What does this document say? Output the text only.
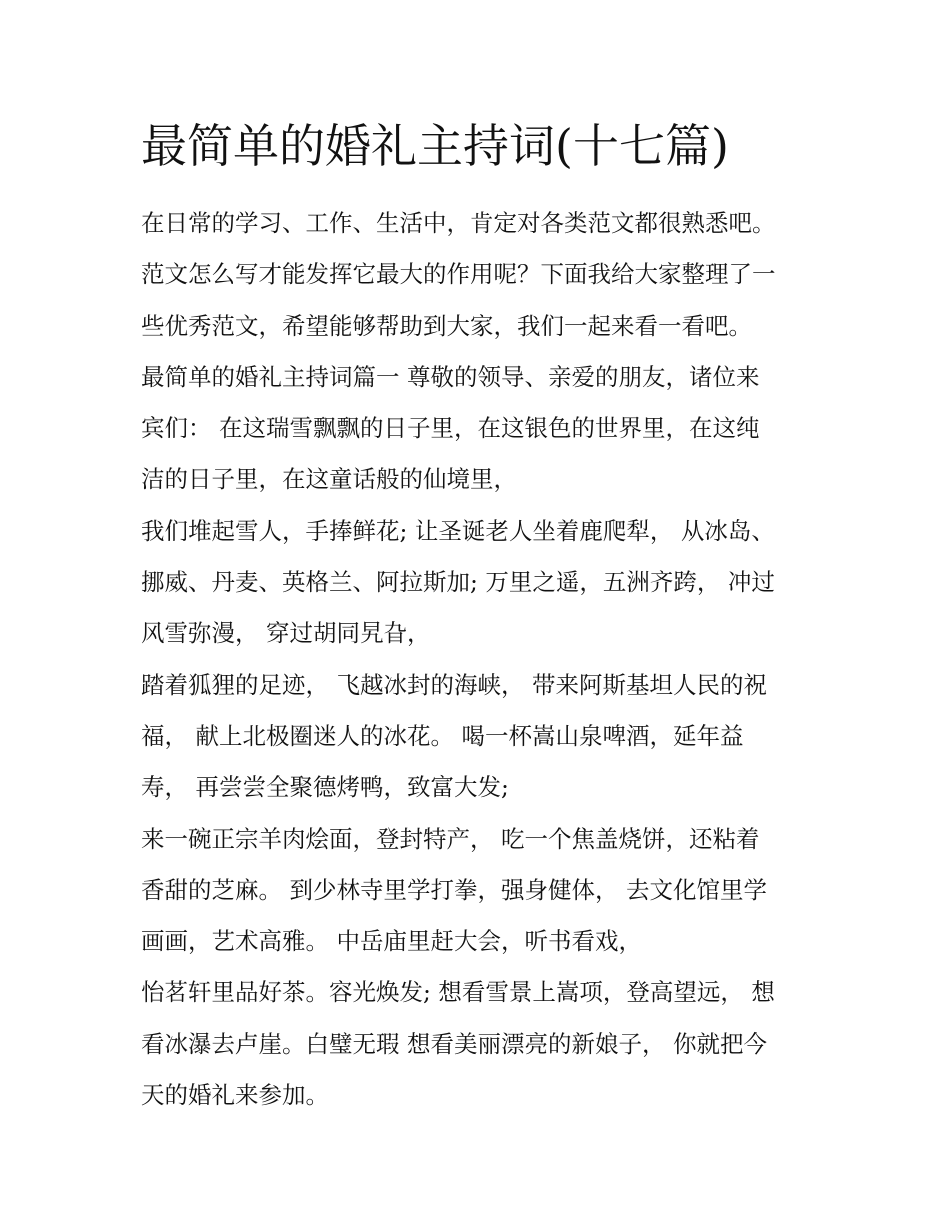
最简单的婚礼主持词(十七篇)
在日常的学习、工作、生活中，肯定对各类范文都很熟悉吧。
范文怎么写才能发挥它最大的作用呢？下面我给大家整理了一
些优秀范文，希望能够帮助到大家，我们一起来看一看吧。
最简单的婚礼主持词篇一 尊敬的领导、亲爱的朋友，诸位来
宾们： 在这瑞雪飘飘的日子里，在这银色的世界里，在这纯
洁的日子里，在这童话般的仙境里，
我们堆起雪人，手捧鲜花; 让圣诞老人坐着鹿爬犁， 从冰岛、
挪威、丹麦、英格兰、阿拉斯加; 万里之遥，五洲齐跨， 冲过
风雪弥漫， 穿过胡同旯旮，
踏着狐狸的足迹， 飞越冰封的海峡， 带来阿斯基坦人民的祝
福， 献上北极圈迷人的冰花。 喝一杯嵩山泉啤酒，延年益
寿， 再尝尝全聚德烤鸭，致富大发;
来一碗正宗羊肉烩面，登封特产， 吃一个焦盖烧饼，还粘着
香甜的芝麻。 到少林寺里学打拳，强身健体， 去文化馆里学
画画，艺术高雅。 中岳庙里赶大会，听书看戏，
怡茗轩里品好茶。容光焕发; 想看雪景上嵩项，登高望远， 想
看冰瀑去卢崖。白璧无瑕 想看美丽漂亮的新娘子， 你就把今
天的婚礼来参加。
